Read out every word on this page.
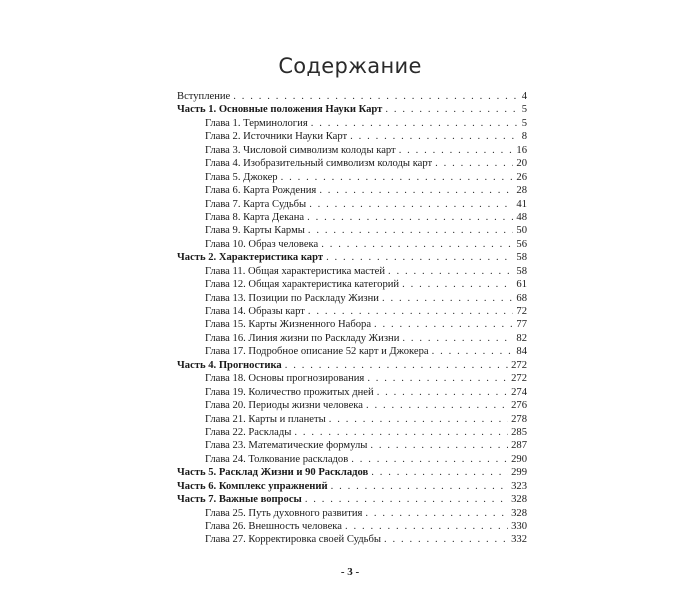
Содержание
Вступление . . .	4
Часть 1. Основные положения Науки Карт . . .	5
Глава 1. Терминология . . .	5
Глава 2. Источники Науки Карт . . .	8
Глава 3. Числовой символизм колоды карт . . .	16
Глава 4. Изобразительный символизм колоды карт . . .	20
Глава 5. Джокер . . .	26
Глава 6. Карта Рождения . . .	28
Глава 7. Карта Судьбы . . .	41
Глава 8. Карта Декана . . .	48
Глава 9. Карты Кармы . . .	50
Глава 10. Образ человека . . .	56
Часть 2. Характеристика карт . . .	58
Глава 11. Общая характеристика мастей . . .	58
Глава 12. Общая характеристика категорий . . .	61
Глава 13. Позиции по Раскладу Жизни . . .	68
Глава 14. Образы карт . . .	72
Глава 15. Карты Жизненного Набора . . .	77
Глава 16. Линия жизни по Раскладу Жизни . . .	82
Глава 17. Подробное описание 52 карт и Джокера . . .	84
Часть 4. Прогностика . . .	272
Глава 18. Основы прогнозирования . . .	272
Глава 19. Количество прожитых дней . . .	274
Глава 20. Периоды жизни человека . . .	276
Глава 21. Карты и планеты . . .	278
Глава 22. Расклады . . .	285
Глава 23. Математические формулы . . .	287
Глава 24. Толкование раскладов . . .	290
Часть 5. Расклад Жизни и 90 Раскладов . . .	299
Часть 6. Комплекс упражнений . . .	323
Часть 7. Важные вопросы . . .	328
Глава 25. Путь духовного развития . . .	328
Глава 26. Внешность человека . . .	330
Глава 27. Корректировка своей Судьбы . . .	332
- 3 -
